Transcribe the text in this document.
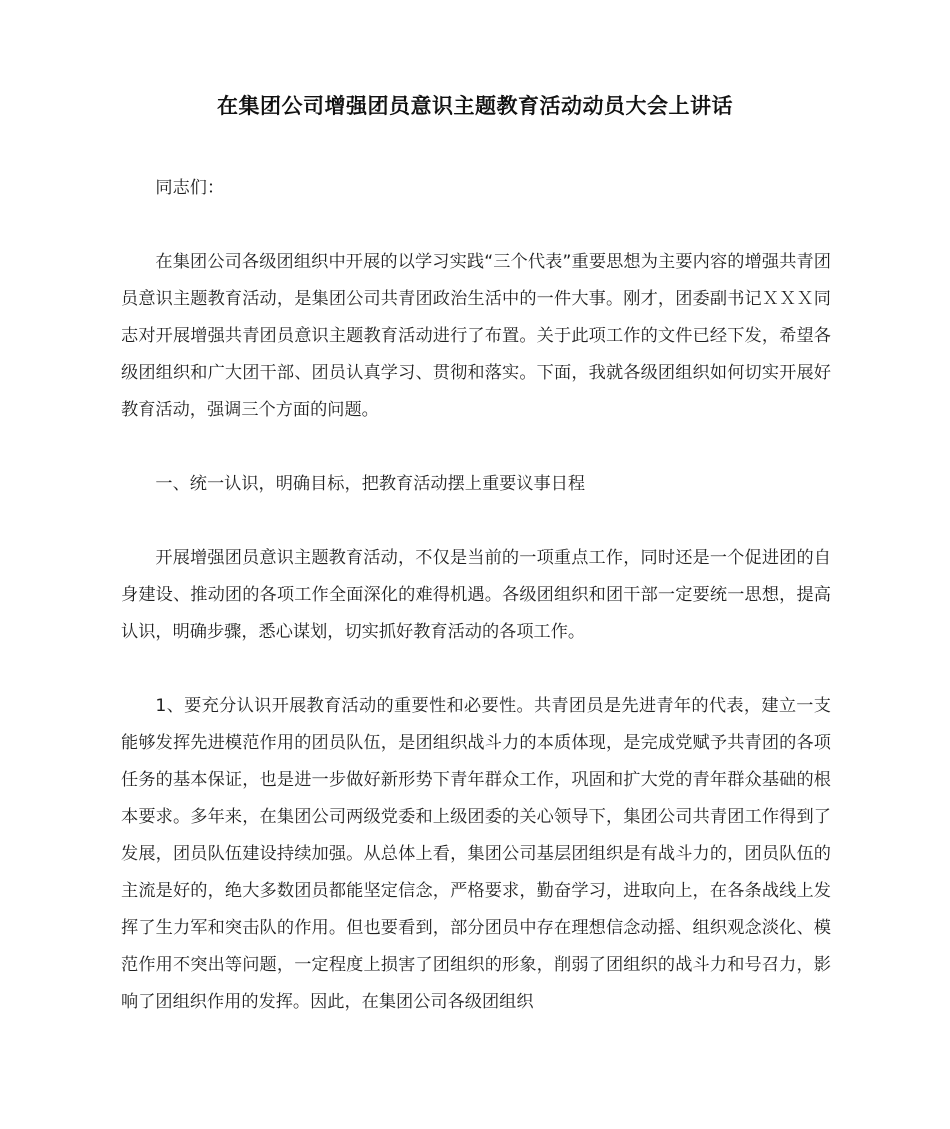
在集团公司增强团员意识主题教育活动动员大会上讲话

同志们：

在集团公司各级团组织中开展的以学习实践“三个代表”重要思想为主要内容的增强共青团员意识主题教育活动，是集团公司共青团政治生活中的一件大事。刚才，团委副书记ＸＸＸ同志对开展增强共青团员意识主题教育活动进行了布置。关于此项工作的文件已经下发，希望各级团组织和广大团干部、团员认真学习、贯彻和落实。下面，我就各级团组织如何切实开展好教育活动，强调三个方面的问题。

一、统一认识，明确目标，把教育活动摆上重要议事日程

开展增强团员意识主题教育活动，不仅是当前的一项重点工作，同时还是一个促进团的自身建设、推动团的各项工作全面深化的难得机遇。各级团组织和团干部一定要统一思想，提高认识，明确步骤，悉心谋划，切实抓好教育活动的各项工作。

1、要充分认识开展教育活动的重要性和必要性。共青团员是先进青年的代表，建立一支能够发挥先进模范作用的团员队伍，是团组织战斗力的本质体现，是完成党赋予共青团的各项任务的基本保证，也是进一步做好新形势下青年群众工作，巩固和扩大党的青年群众基础的根本要求。多年来，在集团公司两级党委和上级团委的关心领导下，集团公司共青团工作得到了发展，团员队伍建设持续加强。从总体上看，集团公司基层团组织是有战斗力的，团员队伍的主流是好的，绝大多数团员都能坚定信念，严格要求，勤奋学习，进取向上，在各条战线上发挥了生力军和突击队的作用。但也要看到，部分团员中存在理想信念动摇、组织观念淡化、模范作用不突出等问题，一定程度上损害了团组织的形象，削弱了团组织的战斗力和号召力，影响了团组织作用的发挥。因此，在集团公司各级团组织
